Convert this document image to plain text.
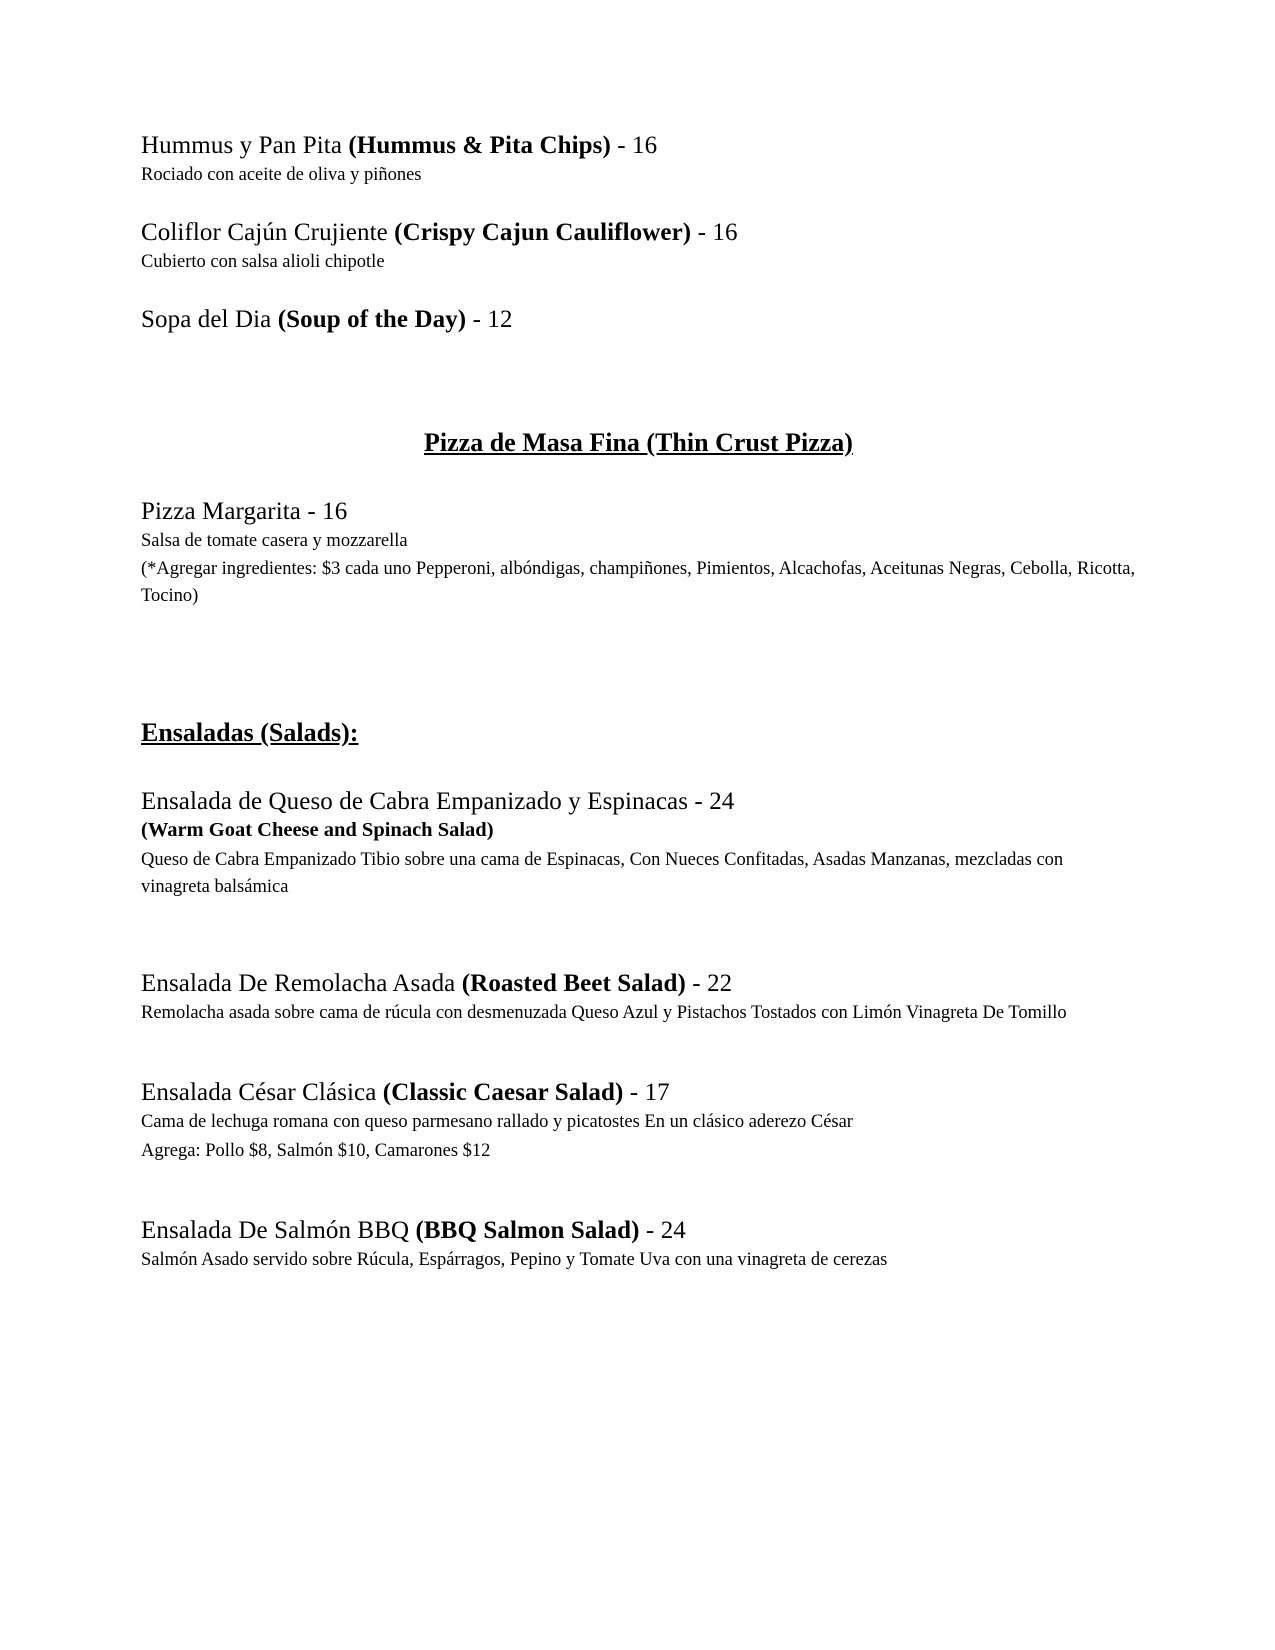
Hummus y Pan Pita (Hummus & Pita Chips) - 16
Rociado con aceite de oliva y piñones
Coliflor Cajún Crujiente (Crispy Cajun Cauliflower) - 16
Cubierto con salsa alioli chipotle
Sopa del Dia (Soup of the Day) - 12
Pizza de Masa Fina (Thin Crust Pizza)
Pizza Margarita - 16
Salsa de tomate casera y mozzarella
(*Agregar ingredientes: $3 cada uno Pepperoni, albóndigas, champiñones, Pimientos, Alcachofas, Aceitunas Negras, Cebolla, Ricotta, Tocino)
Ensaladas (Salads):
Ensalada de Queso de Cabra Empanizado y Espinacas - 24
(Warm Goat Cheese and Spinach Salad)
Queso de Cabra Empanizado Tibio sobre una cama de Espinacas, Con Nueces Confitadas, Asadas Manzanas, mezcladas con vinagreta balsámica
Ensalada De Remolacha Asada (Roasted Beet Salad) - 22
Remolacha asada sobre cama de rúcula con desmenuzada Queso Azul y Pistachos Tostados con Limón Vinagreta De Tomillo
Ensalada César Clásica (Classic Caesar Salad) - 17
Cama de lechuga romana con queso parmesano rallado y picatostes En un clásico aderezo César
Agrega: Pollo $8, Salmón $10, Camarones $12
Ensalada De Salmón BBQ (BBQ Salmon Salad) - 24
Salmón Asado servido sobre Rúcula, Espárragos, Pepino y Tomate Uva con una vinagreta de cerezas
